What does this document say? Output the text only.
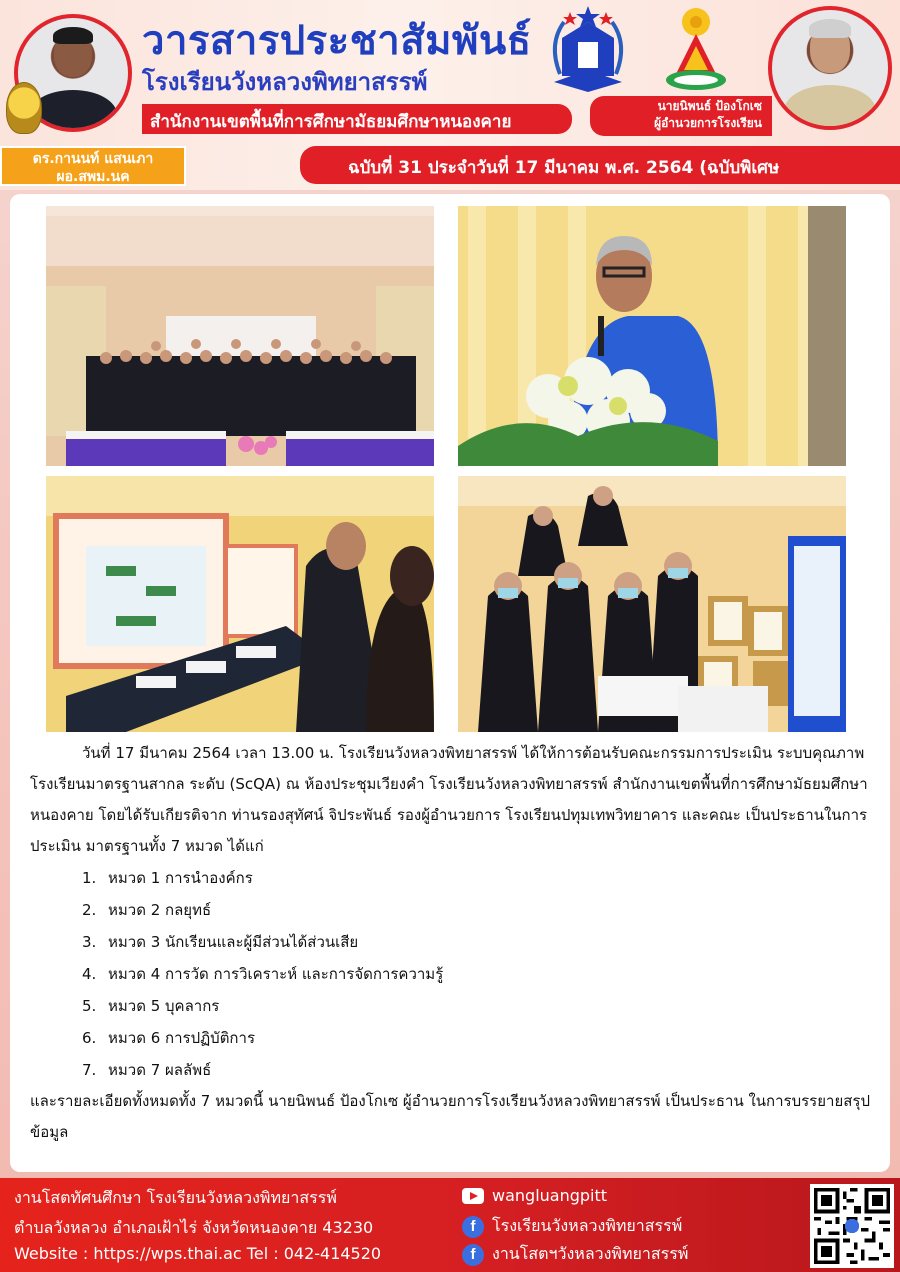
วารสารประชาสัมพันธ์
โรงเรียนวังหลวงพิทยาสรรพ์
สำนักงานเขตพื้นที่การศึกษามัธยมศึกษาหนองคาย
นายนิพนธ์ ป้องโกเซ
ผู้อำนวยการโรงเรียน
ดร.กานนท์ แสนเภา
ผอ.สพม.นค	ฉบับที่ 31 ประจำวันที่ 17 มีนาคม พ.ศ. 2564 (ฉบับพิเศษ

วันที่ 17 มีนาคม 2564 เวลา 13.00 น. โรงเรียนวังหลวงพิทยาสรรพ์ ได้ให้การต้อนรับคณะกรรมการประเมิน ระบบคุณภาพโรงเรียนมาตรฐานสากล ระดับ (ScQA) ณ ห้องประชุมเวียงคำ โรงเรียนวังหลวงพิทยาสรรพ์ สำนักงานเขตพื้นที่การศึกษามัธยมศึกษาหนองคาย โดยได้รับเกียรติจาก ท่านรองสุทัศน์ จิประพันธ์ รองผู้อำนวยการ โรงเรียนปทุมเทพวิทยาคาร และคณะ เป็นประธานในการประเมิน มาตรฐานทั้ง 7 หมวด ได้แก่

1. หมวด 1 การนำองค์กร
2. หมวด 2 กลยุทธ์
3. หมวด 3 นักเรียนและผู้มีส่วนได้ส่วนเสีย
4. หมวด 4 การวัด การวิเคราะห์ และการจัดการความรู้
5. หมวด 5 บุคลากร
6. หมวด 6 การปฏิบัติการ
7. หมวด 7 ผลลัพธ์

และรายละเอียดทั้งหมดทั้ง 7 หมวดนี้ นายนิพนธ์ ป้องโกเซ ผู้อำนวยการโรงเรียนวังหลวงพิทยาสรรพ์ เป็นประธาน ในการบรรยายสรุปข้อมูล

งานโสตทัศนศึกษา โรงเรียนวังหลวงพิทยาสรรพ์
ตำบลวังหลวง อำเภอเฝ้าไร่ จังหวัดหนองคาย 43230
Website : https://wps.thai.ac Tel : 042-414520
wangluangpitt
f	โรงเรียนวังหลวงพิทยาสรรพ์
f	งานโสตฯวังหลวงพิทยาสรรพ์
